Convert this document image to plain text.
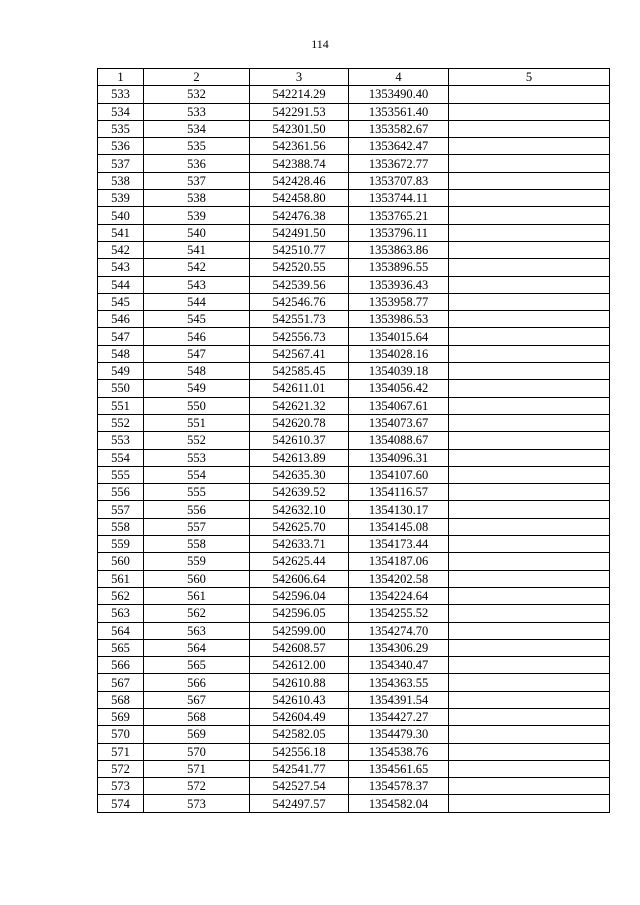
114
1	2	3	4	5
533	532	542214.29	1353490.40	
534	533	542291.53	1353561.40	
535	534	542301.50	1353582.67	
536	535	542361.56	1353642.47	
537	536	542388.74	1353672.77	
538	537	542428.46	1353707.83	
539	538	542458.80	1353744.11	
540	539	542476.38	1353765.21	
541	540	542491.50	1353796.11	
542	541	542510.77	1353863.86	
543	542	542520.55	1353896.55	
544	543	542539.56	1353936.43	
545	544	542546.76	1353958.77	
546	545	542551.73	1353986.53	
547	546	542556.73	1354015.64	
548	547	542567.41	1354028.16	
549	548	542585.45	1354039.18	
550	549	542611.01	1354056.42	
551	550	542621.32	1354067.61	
552	551	542620.78	1354073.67	
553	552	542610.37	1354088.67	
554	553	542613.89	1354096.31	
555	554	542635.30	1354107.60	
556	555	542639.52	1354116.57	
557	556	542632.10	1354130.17	
558	557	542625.70	1354145.08	
559	558	542633.71	1354173.44	
560	559	542625.44	1354187.06	
561	560	542606.64	1354202.58	
562	561	542596.04	1354224.64	
563	562	542596.05	1354255.52	
564	563	542599.00	1354274.70	
565	564	542608.57	1354306.29	
566	565	542612.00	1354340.47	
567	566	542610.88	1354363.55	
568	567	542610.43	1354391.54	
569	568	542604.49	1354427.27	
570	569	542582.05	1354479.30	
571	570	542556.18	1354538.76	
572	571	542541.77	1354561.65	
573	572	542527.54	1354578.37	
574	573	542497.57	1354582.04	
